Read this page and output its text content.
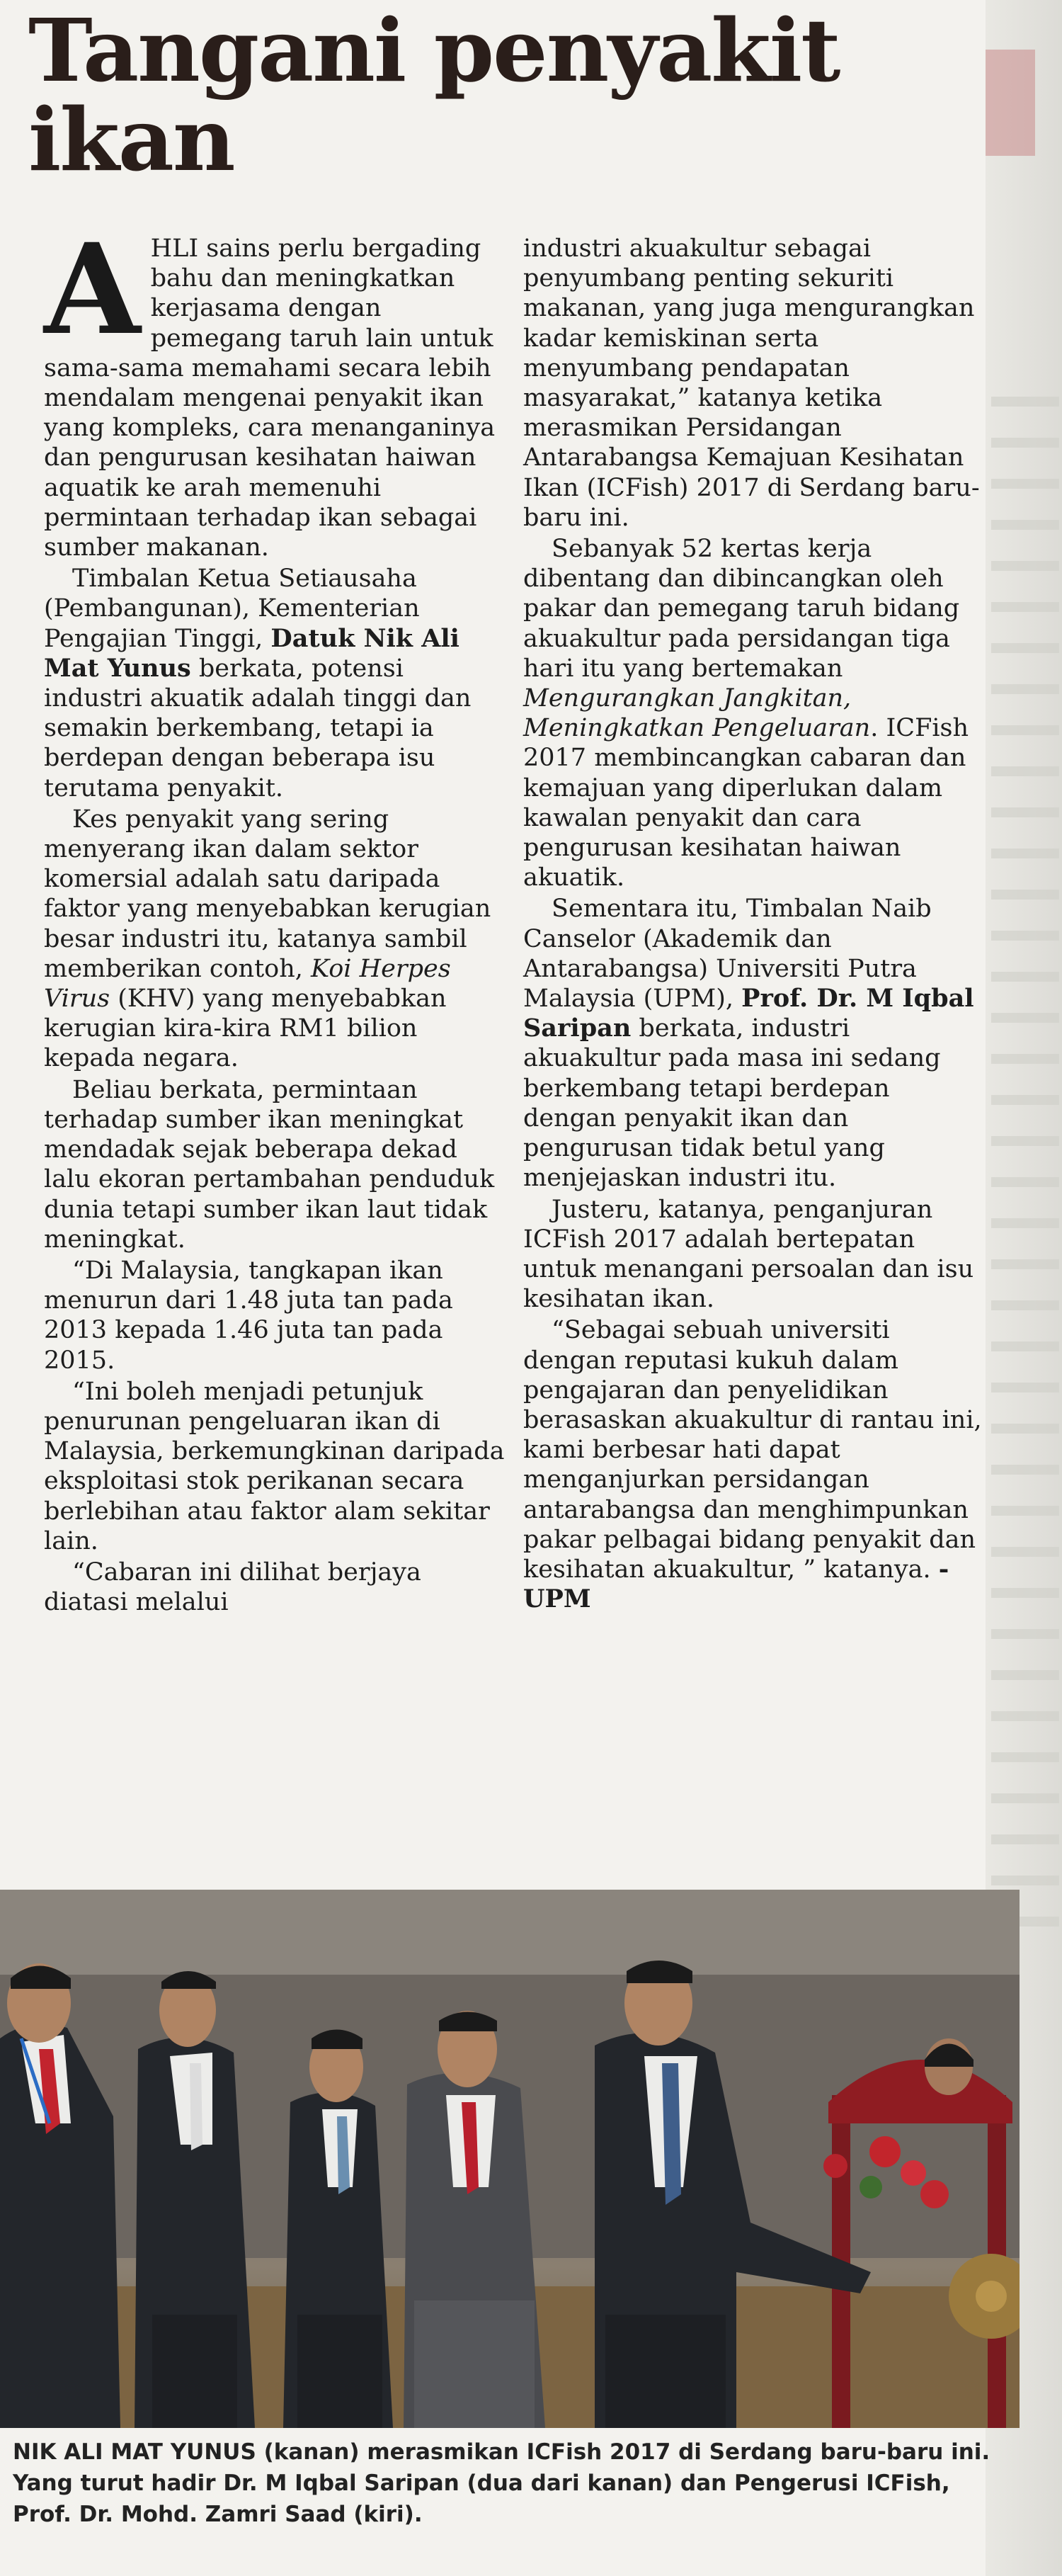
Tangani penyakit ikan
A HLI sains perlu bergading bahu dan meningkatkan kerjasama dengan pemegang taruh lain untuk sama-sama memahami secara lebih mendalam mengenai penyakit ikan yang kompleks, cara menanganinya dan pengurusan kesihatan haiwan aquatik ke arah memenuhi permintaan terhadap ikan sebagai sumber makanan.

Timbalan Ketua Setiausaha (Pembangunan), Kementerian Pengajian Tinggi, Datuk Nik Ali Mat Yunus berkata, potensi industri akuatik adalah tinggi dan semakin berkembang, tetapi ia berdepan dengan beberapa isu terutama penyakit.

Kes penyakit yang sering menyerang ikan dalam sektor komersial adalah satu daripada faktor yang menyebabkan kerugian besar industri itu, katanya sambil memberikan contoh, Koi Herpes Virus (KHV) yang menyebabkan kerugian kira-kira RM1 bilion kepada negara.

Beliau berkata, permintaan terhadap sumber ikan meningkat mendadak sejak beberapa dekad lalu ekoran pertambahan penduduk dunia tetapi sumber ikan laut tidak meningkat.

“Di Malaysia, tangkapan ikan menurun dari 1.48 juta tan pada 2013 kepada 1.46 juta tan pada 2015.

“Ini boleh menjadi petunjuk penurunan pengeluaran ikan di Malaysia, berkemungkinan daripada eksploitasi stok perikanan secara berlebihan atau faktor alam sekitar lain.

“Cabaran ini dilihat berjaya diatasi melalui

industri akuakultur sebagai penyumbang penting sekuriti makanan, yang juga mengurangkan kadar kemiskinan serta menyumbang pendapatan masyarakat,” katanya ketika merasmikan Persidangan Antarabangsa Kemajuan Kesihatan Ikan (ICFish) 2017 di Serdang baru-baru ini.

Sebanyak 52 kertas kerja dibentang dan dibincangkan oleh pakar dan pemegang taruh bidang akuakultur pada persidangan tiga hari itu yang bertemakan Mengurangkan Jangkitan, Meningkatkan Pengeluaran. ICFish 2017 membincangkan cabaran dan kemajuan yang diperlukan dalam kawalan penyakit dan cara pengurusan kesihatan haiwan akuatik.

Sementara itu, Timbalan Naib Canselor (Akademik dan Antarabangsa) Universiti Putra Malaysia (UPM), Prof. Dr. M Iqbal Saripan berkata, industri akuakultur pada masa ini sedang berkembang tetapi berdepan dengan penyakit ikan dan pengurusan tidak betul yang menjejaskan industri itu.

Justeru, katanya, penganjuran ICFish 2017 adalah bertepatan untuk menangani persoalan dan isu kesihatan ikan.

“Sebagai sebuah universiti dengan reputasi kukuh dalam pengajaran dan penyelidikan berasaskan akuakultur di rantau ini, kami berbesar hati dapat menganjurkan persidangan antarabangsa dan menghimpunkan pakar pelbagai bidang penyakit dan kesihatan akuakultur, ” katanya. - UPM

NIK ALI MAT YUNUS (kanan) merasmikan ICFish 2017 di Serdang baru-baru ini. Yang turut hadir Dr. M Iqbal Saripan (dua dari kanan) dan Pengerusi ICFish, Prof. Dr. Mohd. Zamri Saad (kiri).
